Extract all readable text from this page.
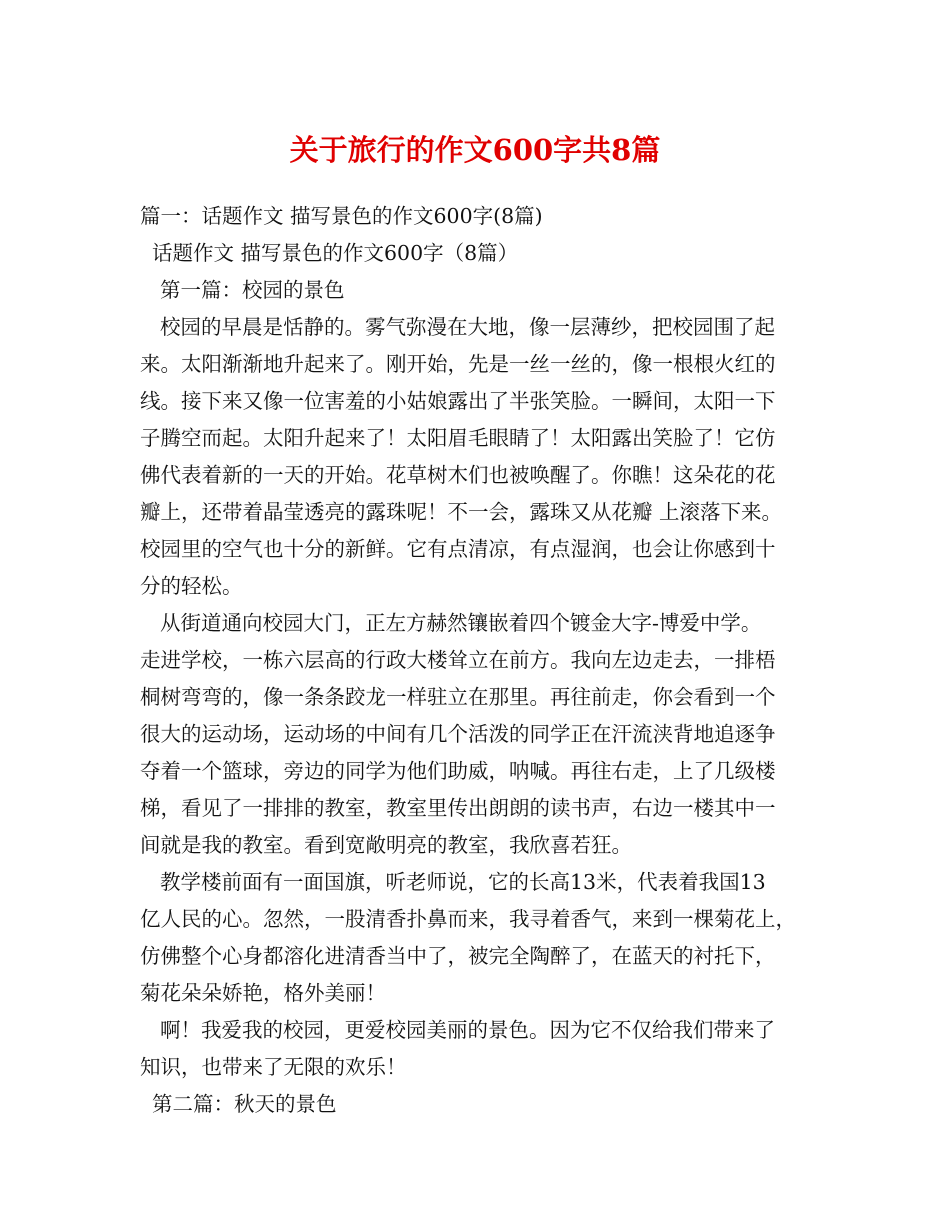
关于旅行的作文600字共8篇
篇一：话题作文 描写景色的作文600字(8篇)
话题作文 描写景色的作文600字（8篇）
第一篇：校园的景色
校园的早晨是恬静的。雾气弥漫在大地，像一层薄纱，把校园围了起
来。太阳渐渐地升起来了。刚开始，先是一丝一丝的，像一根根火红的
线。接下来又像一位害羞的小姑娘露出了半张笑脸。一瞬间，太阳一下
子腾空而起。太阳升起来了！太阳眉毛眼睛了！太阳露出笑脸了！它仿
佛代表着新的一天的开始。花草树木们也被唤醒了。你瞧！这朵花的花
瓣上，还带着晶莹透亮的露珠呢！不一会，露珠又从花瓣 上滚落下来。
校园里的空气也十分的新鲜。它有点清凉，有点湿润，也会让你感到十
分的轻松。
从街道通向校园大门，正左方赫然镶嵌着四个镀金大字-博爱中学。
走进学校，一栋六层高的行政大楼耸立在前方。我向左边走去，一排梧
桐树弯弯的，像一条条跤龙一样驻立在那里。再往前走，你会看到一个
很大的运动场，运动场的中间有几个活泼的同学正在汗流浃背地追逐争
夺着一个篮球，旁边的同学为他们助威，呐喊。再往右走，上了几级楼
梯，看见了一排排的教室，教室里传出朗朗的读书声，右边一楼其中一
间就是我的教室。看到宽敞明亮的教室，我欣喜若狂。
教学楼前面有一面国旗，听老师说，它的长高13米，代表着我国13
亿人民的心。忽然，一股清香扑鼻而来，我寻着香气，来到一棵菊花上，
仿佛整个心身都溶化进清香当中了，被完全陶醉了，在蓝天的衬托下，
菊花朵朵娇艳，格外美丽！
啊！我爱我的校园，更爱校园美丽的景色。因为它不仅给我们带来了
知识，也带来了无限的欢乐！
第二篇：秋天的景色
